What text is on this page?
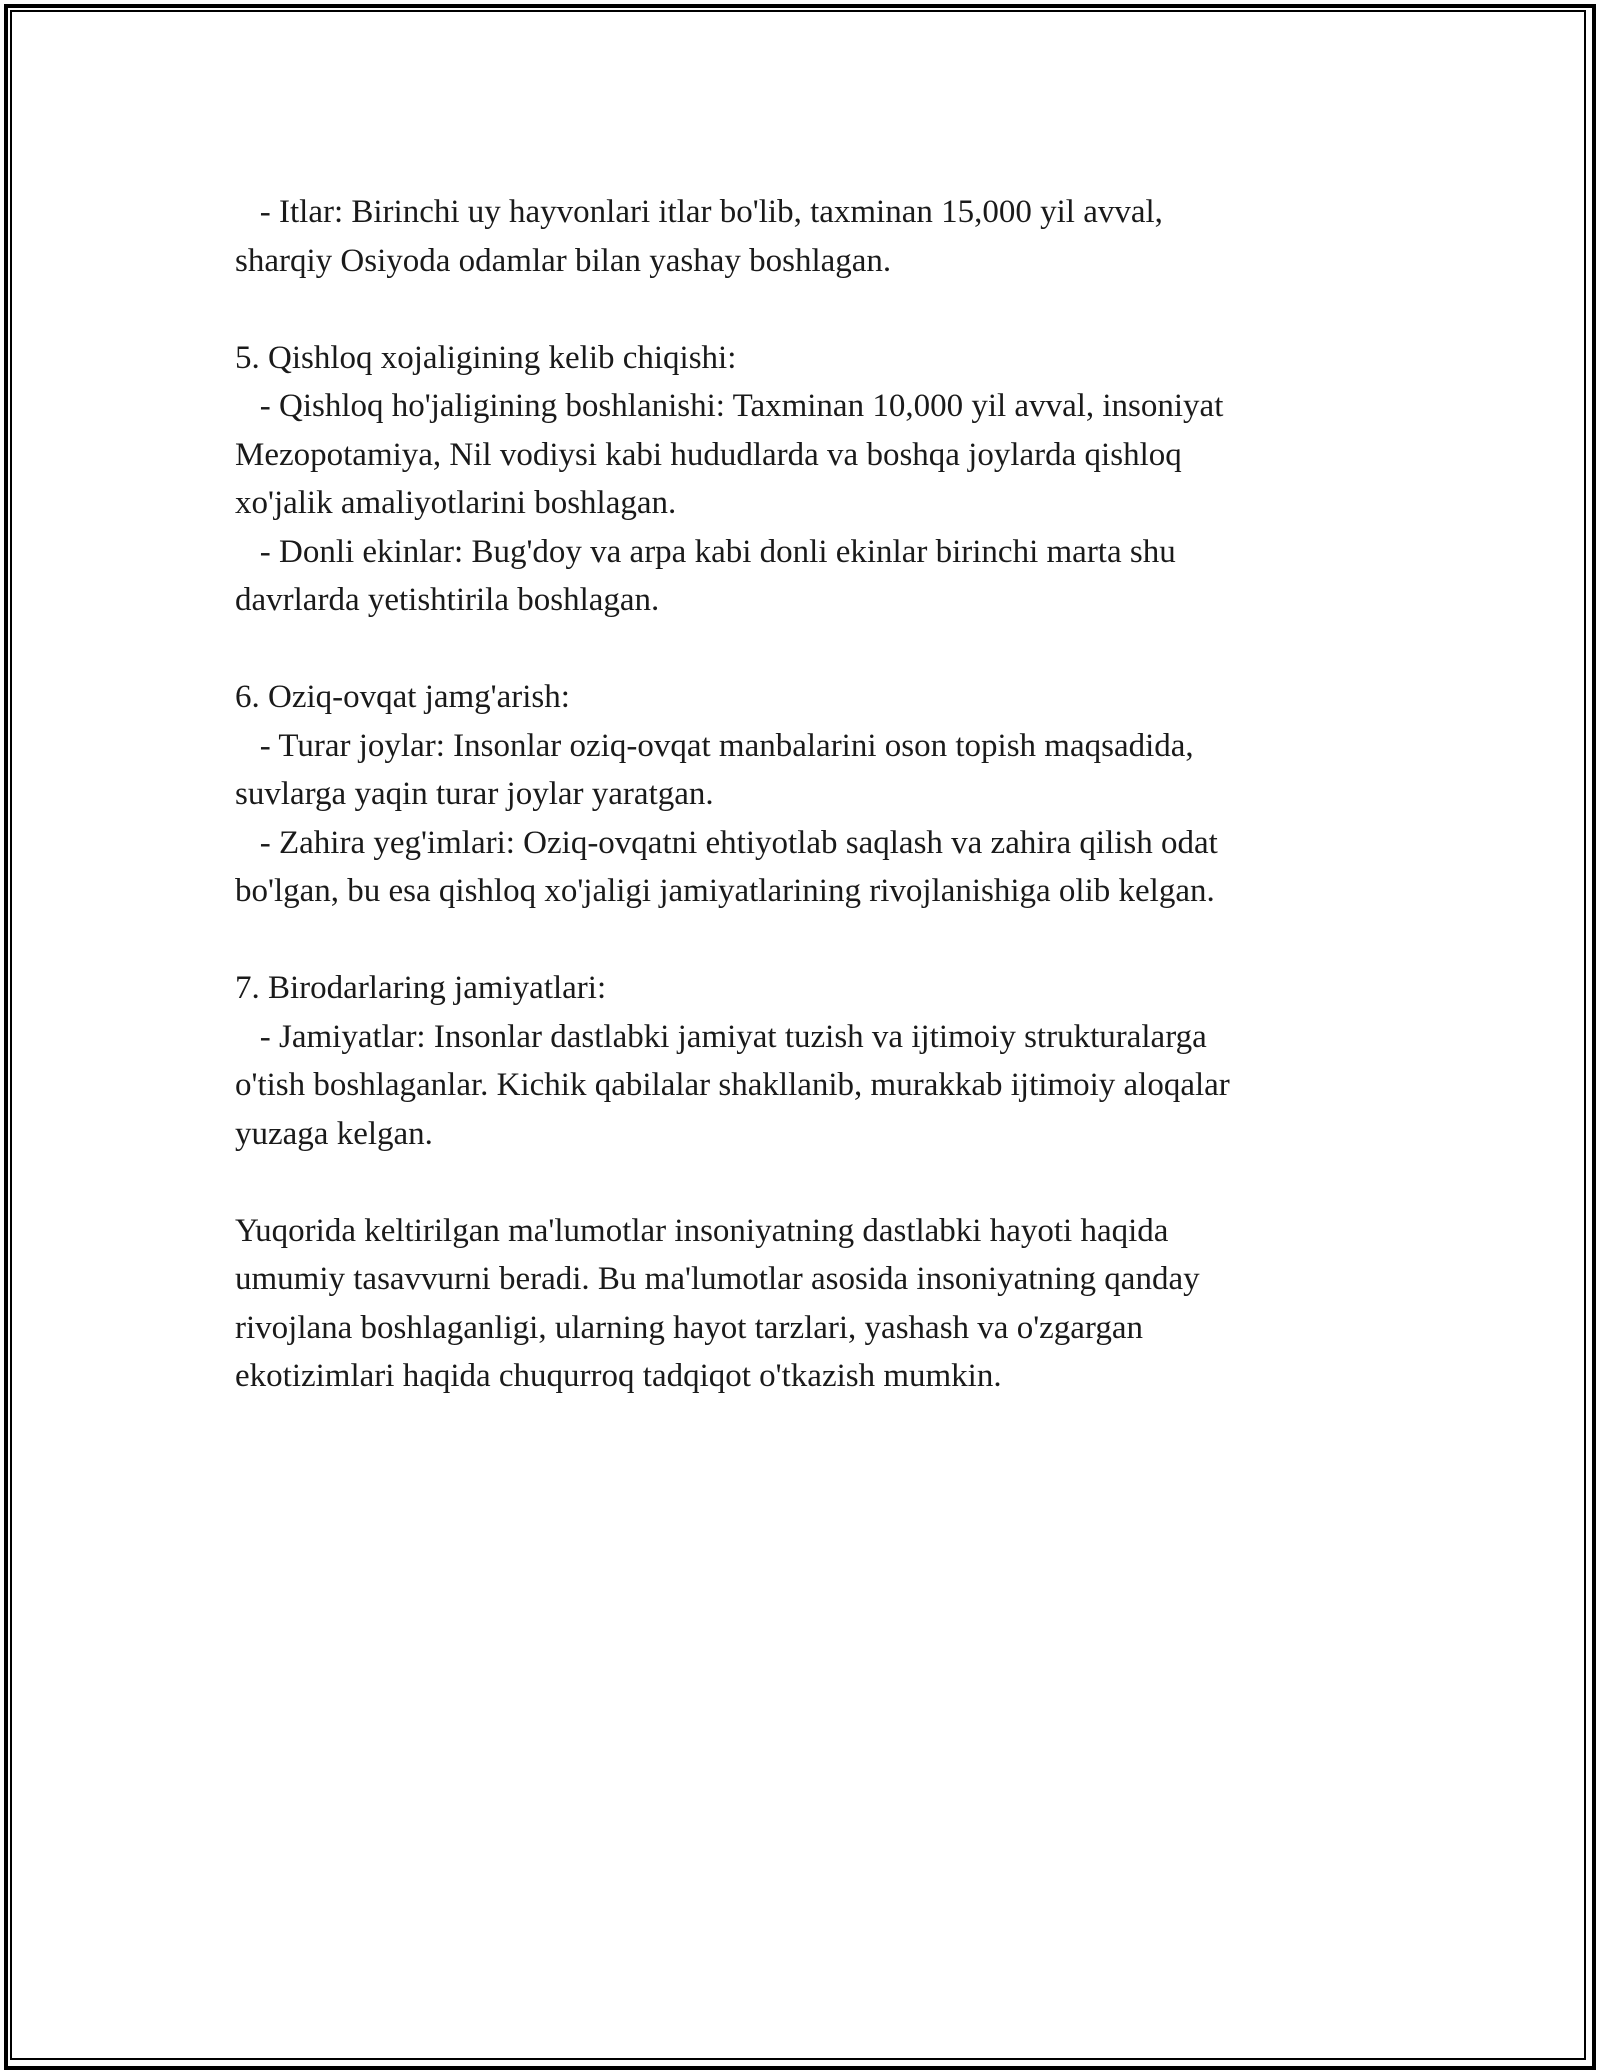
- Itlar: Birinchi uy hayvonlari itlar bo'lib, taxminan 15,000 yil avval,
sharqiy Osiyoda odamlar bilan yashay boshlagan.
5. Qishloq xojaligining kelib chiqishi:
- Qishloq ho'jaligining boshlanishi: Taxminan 10,000 yil avval, insoniyat
Mezopotamiya, Nil vodiysi kabi hududlarda va boshqa joylarda qishloq
xo'jalik amaliyotlarini boshlagan.
- Donli ekinlar: Bug'doy va arpa kabi donli ekinlar birinchi marta shu
davrlarda yetishtirila boshlagan.
6. Oziq-ovqat jamg'arish:
- Turar joylar: Insonlar oziq-ovqat manbalarini oson topish maqsadida,
suvlarga yaqin turar joylar yaratgan.
- Zahira yeg'imlari: Oziq-ovqatni ehtiyotlab saqlash va zahira qilish odat
bo'lgan, bu esa qishloq xo'jaligi jamiyatlarining rivojlanishiga olib kelgan.
7. Birodarlaring jamiyatlari:
- Jamiyatlar: Insonlar dastlabki jamiyat tuzish va ijtimoiy strukturalarga
o'tish boshlaganlar. Kichik qabilalar shakllanib, murakkab ijtimoiy aloqalar
yuzaga kelgan.
Yuqorida keltirilgan ma'lumotlar insoniyatning dastlabki hayoti haqida
umumiy tasavvurni beradi. Bu ma'lumotlar asosida insoniyatning qanday
rivojlana boshlaganligi, ularning hayot tarzlari, yashash va o'zgargan
ekotizimlari haqida chuqurroq tadqiqot o'tkazish mumkin.
